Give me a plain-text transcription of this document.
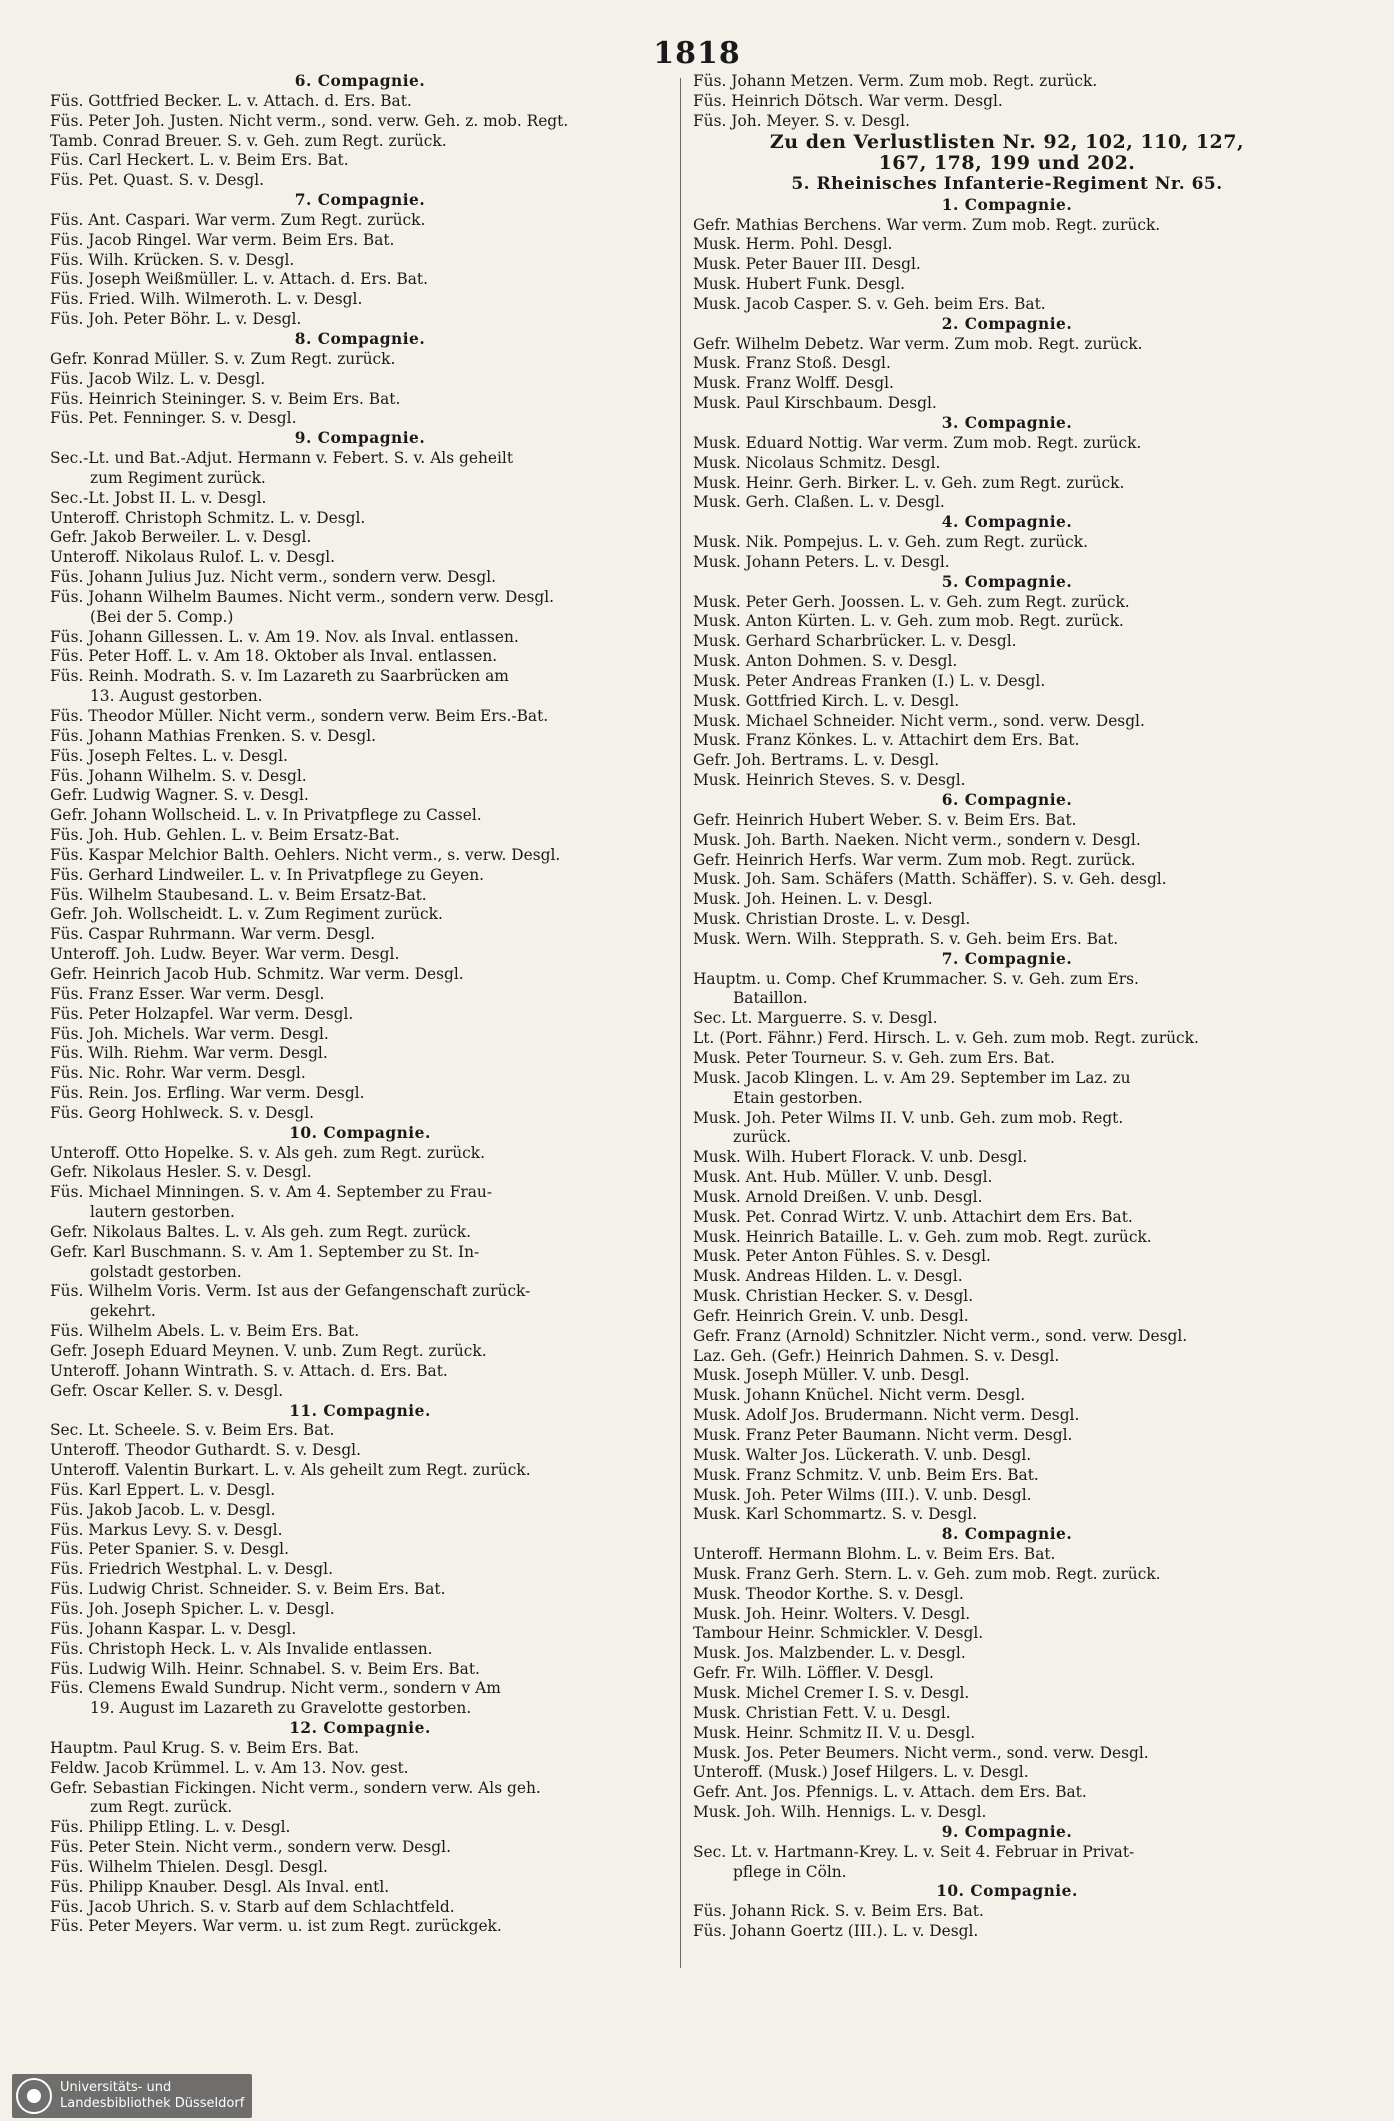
1818
6. Compagnie.
Füs. Gottfried Becker. L. v. Attach. d. Ers. Bat.
Füs. Peter Joh. Justen. Nicht verm., sond. verw. Geh. z. mob. Regt.
Tamb. Conrad Breuer. S. v. Geh. zum Regt. zurück.
Füs. Carl Heckert. L. v. Beim Ers. Bat.
Füs. Pet. Quast. S. v. Desgl.
7. Compagnie.
Füs. Ant. Caspari. War verm. Zum Regt. zurück.
Füs. Jacob Ringel. War verm. Beim Ers. Bat.
Füs. Wilh. Krücken. S. v. Desgl.
Füs. Joseph Weißmüller. L. v. Attach. d. Ers. Bat.
Füs. Fried. Wilh. Wilmeroth. L. v. Desgl.
Füs. Joh. Peter Böhr. L. v. Desgl.
8. Compagnie.
Gefr. Konrad Müller. S. v. Zum Regt. zurück.
Füs. Jacob Wilz. L. v. Desgl.
Füs. Heinrich Steininger. S. v. Beim Ers. Bat.
Füs. Pet. Fenninger. S. v. Desgl.
9. Compagnie.
Sec.-Lt. und Bat.-Adjut. Hermann v. Febert. S. v. Als geheilt
zum Regiment zurück.
Sec.-Lt. Jobst II. L. v. Desgl.
Unteroff. Christoph Schmitz. L. v. Desgl.
Gefr. Jakob Berweiler. L. v. Desgl.
Unteroff. Nikolaus Rulof. L. v. Desgl.
Füs. Johann Julius Juz. Nicht verm., sondern verw. Desgl.
Füs. Johann Wilhelm Baumes. Nicht verm., sondern verw. Desgl.
(Bei der 5. Comp.)
Füs. Johann Gillessen. L. v. Am 19. Nov. als Inval. entlassen.
Füs. Peter Hoff. L. v. Am 18. Oktober als Inval. entlassen.
Füs. Reinh. Modrath. S. v. Im Lazareth zu Saarbrücken am
13. August gestorben.
Füs. Theodor Müller. Nicht verm., sondern verw. Beim Ers.-Bat.
Füs. Johann Mathias Frenken. S. v. Desgl.
Füs. Joseph Feltes. L. v. Desgl.
Füs. Johann Wilhelm. S. v. Desgl.
Gefr. Ludwig Wagner. S. v. Desgl.
Gefr. Johann Wollscheid. L. v. In Privatpflege zu Cassel.
Füs. Joh. Hub. Gehlen. L. v. Beim Ersatz-Bat.
Füs. Kaspar Melchior Balth. Oehlers. Nicht verm., s. verw. Desgl.
Füs. Gerhard Lindweiler. L. v. In Privatpflege zu Geyen.
Füs. Wilhelm Staubesand. L. v. Beim Ersatz-Bat.
Gefr. Joh. Wollscheidt. L. v. Zum Regiment zurück.
Füs. Caspar Ruhrmann. War verm. Desgl.
Unteroff. Joh. Ludw. Beyer. War verm. Desgl.
Gefr. Heinrich Jacob Hub. Schmitz. War verm. Desgl.
Füs. Franz Esser. War verm. Desgl.
Füs. Peter Holzapfel. War verm. Desgl.
Füs. Joh. Michels. War verm. Desgl.
Füs. Wilh. Riehm. War verm. Desgl.
Füs. Nic. Rohr. War verm. Desgl.
Füs. Rein. Jos. Erfling. War verm. Desgl.
Füs. Georg Hohlweck. S. v. Desgl.
10. Compagnie.
Unteroff. Otto Hopelke. S. v. Als geh. zum Regt. zurück.
Gefr. Nikolaus Hesler. S. v. Desgl.
Füs. Michael Minningen. S. v. Am 4. September zu Frau-
lautern gestorben.
Gefr. Nikolaus Baltes. L. v. Als geh. zum Regt. zurück.
Gefr. Karl Buschmann. S. v. Am 1. September zu St. In-
golstadt gestorben.
Füs. Wilhelm Voris. Verm. Ist aus der Gefangenschaft zurück-
gekehrt.
Füs. Wilhelm Abels. L. v. Beim Ers. Bat.
Gefr. Joseph Eduard Meynen. V. unb. Zum Regt. zurück.
Unteroff. Johann Wintrath. S. v. Attach. d. Ers. Bat.
Gefr. Oscar Keller. S. v. Desgl.
11. Compagnie.
Sec. Lt. Scheele. S. v. Beim Ers. Bat.
Unteroff. Theodor Guthardt. S. v. Desgl.
Unteroff. Valentin Burkart. L. v. Als geheilt zum Regt. zurück.
Füs. Karl Eppert. L. v. Desgl.
Füs. Jakob Jacob. L. v. Desgl.
Füs. Markus Levy. S. v. Desgl.
Füs. Peter Spanier. S. v. Desgl.
Füs. Friedrich Westphal. L. v. Desgl.
Füs. Ludwig Christ. Schneider. S. v. Beim Ers. Bat.
Füs. Joh. Joseph Spicher. L. v. Desgl.
Füs. Johann Kaspar. L. v. Desgl.
Füs. Christoph Heck. L. v. Als Invalide entlassen.
Füs. Ludwig Wilh. Heinr. Schnabel. S. v. Beim Ers. Bat.
Füs. Clemens Ewald Sundrup. Nicht verm., sondern v Am
19. August im Lazareth zu Gravelotte gestorben.
12. Compagnie.
Hauptm. Paul Krug. S. v. Beim Ers. Bat.
Feldw. Jacob Krümmel. L. v. Am 13. Nov. gest.
Gefr. Sebastian Fickingen. Nicht verm., sondern verw. Als geh.
zum Regt. zurück.
Füs. Philipp Etling. L. v. Desgl.
Füs. Peter Stein. Nicht verm., sondern verw. Desgl.
Füs. Wilhelm Thielen. Desgl. Desgl.
Füs. Philipp Knauber. Desgl. Als Inval. entl.
Füs. Jacob Uhrich. S. v. Starb auf dem Schlachtfeld.
Füs. Peter Meyers. War verm. u. ist zum Regt. zurückgek.
Füs. Johann Metzen. Verm. Zum mob. Regt. zurück.
Füs. Heinrich Dötsch. War verm. Desgl.
Füs. Joh. Meyer. S. v. Desgl.
Zu den Verlustlisten Nr. 92, 102, 110, 127,
167, 178, 199 und 202.
5. Rheinisches Infanterie-Regiment Nr. 65.
1. Compagnie.
Gefr. Mathias Berchens. War verm. Zum mob. Regt. zurück.
Musk. Herm. Pohl. Desgl.
Musk. Peter Bauer III. Desgl.
Musk. Hubert Funk. Desgl.
Musk. Jacob Casper. S. v. Geh. beim Ers. Bat.
2. Compagnie.
Gefr. Wilhelm Debetz. War verm. Zum mob. Regt. zurück.
Musk. Franz Stoß. Desgl.
Musk. Franz Wolff. Desgl.
Musk. Paul Kirschbaum. Desgl.
3. Compagnie.
Musk. Eduard Nottig. War verm. Zum mob. Regt. zurück.
Musk. Nicolaus Schmitz. Desgl.
Musk. Heinr. Gerh. Birker. L. v. Geh. zum Regt. zurück.
Musk. Gerh. Claßen. L. v. Desgl.
4. Compagnie.
Musk. Nik. Pompejus. L. v. Geh. zum Regt. zurück.
Musk. Johann Peters. L. v. Desgl.
5. Compagnie.
Musk. Peter Gerh. Joossen. L. v. Geh. zum Regt. zurück.
Musk. Anton Kürten. L. v. Geh. zum mob. Regt. zurück.
Musk. Gerhard Scharbrücker. L. v. Desgl.
Musk. Anton Dohmen. S. v. Desgl.
Musk. Peter Andreas Franken (I.) L. v. Desgl.
Musk. Gottfried Kirch. L. v. Desgl.
Musk. Michael Schneider. Nicht verm., sond. verw. Desgl.
Musk. Franz Könkes. L. v. Attachirt dem Ers. Bat.
Gefr. Joh. Bertrams. L. v. Desgl.
Musk. Heinrich Steves. S. v. Desgl.
6. Compagnie.
Gefr. Heinrich Hubert Weber. S. v. Beim Ers. Bat.
Musk. Joh. Barth. Naeken. Nicht verm., sondern v. Desgl.
Gefr. Heinrich Herfs. War verm. Zum mob. Regt. zurück.
Musk. Joh. Sam. Schäfers (Matth. Schäffer). S. v. Geh. desgl.
Musk. Joh. Heinen. L. v. Desgl.
Musk. Christian Droste. L. v. Desgl.
Musk. Wern. Wilh. Stepprath. S. v. Geh. beim Ers. Bat.
7. Compagnie.
Hauptm. u. Comp. Chef Krummacher. S. v. Geh. zum Ers.
Bataillon.
Sec. Lt. Marguerre. S. v. Desgl.
Lt. (Port. Fähnr.) Ferd. Hirsch. L. v. Geh. zum mob. Regt. zurück.
Musk. Peter Tourneur. S. v. Geh. zum Ers. Bat.
Musk. Jacob Klingen. L. v. Am 29. September im Laz. zu
Etain gestorben.
Musk. Joh. Peter Wilms II. V. unb. Geh. zum mob. Regt.
zurück.
Musk. Wilh. Hubert Florack. V. unb. Desgl.
Musk. Ant. Hub. Müller. V. unb. Desgl.
Musk. Arnold Dreißen. V. unb. Desgl.
Musk. Pet. Conrad Wirtz. V. unb. Attachirt dem Ers. Bat.
Musk. Heinrich Bataille. L. v. Geh. zum mob. Regt. zurück.
Musk. Peter Anton Fühles. S. v. Desgl.
Musk. Andreas Hilden. L. v. Desgl.
Musk. Christian Hecker. S. v. Desgl.
Gefr. Heinrich Grein. V. unb. Desgl.
Gefr. Franz (Arnold) Schnitzler. Nicht verm., sond. verw. Desgl.
Laz. Geh. (Gefr.) Heinrich Dahmen. S. v. Desgl.
Musk. Joseph Müller. V. unb. Desgl.
Musk. Johann Knüchel. Nicht verm. Desgl.
Musk. Adolf Jos. Brudermann. Nicht verm. Desgl.
Musk. Franz Peter Baumann. Nicht verm. Desgl.
Musk. Walter Jos. Lückerath. V. unb. Desgl.
Musk. Franz Schmitz. V. unb. Beim Ers. Bat.
Musk. Joh. Peter Wilms (III.). V. unb. Desgl.
Musk. Karl Schommartz. S. v. Desgl.
8. Compagnie.
Unteroff. Hermann Blohm. L. v. Beim Ers. Bat.
Musk. Franz Gerh. Stern. L. v. Geh. zum mob. Regt. zurück.
Musk. Theodor Korthe. S. v. Desgl.
Musk. Joh. Heinr. Wolters. V. Desgl.
Tambour Heinr. Schmickler. V. Desgl.
Musk. Jos. Malzbender. L. v. Desgl.
Gefr. Fr. Wilh. Löffler. V. Desgl.
Musk. Michel Cremer I. S. v. Desgl.
Musk. Christian Fett. V. u. Desgl.
Musk. Heinr. Schmitz II. V. u. Desgl.
Musk. Jos. Peter Beumers. Nicht verm., sond. verw. Desgl.
Unteroff. (Musk.) Josef Hilgers. L. v. Desgl.
Gefr. Ant. Jos. Pfennigs. L. v. Attach. dem Ers. Bat.
Musk. Joh. Wilh. Hennigs. L. v. Desgl.
9. Compagnie.
Sec. Lt. v. Hartmann-Krey. L. v. Seit 4. Februar in Privat-
pflege in Cöln.
10. Compagnie.
Füs. Johann Rick. S. v. Beim Ers. Bat.
Füs. Johann Goertz (III.). L. v. Desgl.
Universitäts- und
Landesbibliothek Düsseldorf
